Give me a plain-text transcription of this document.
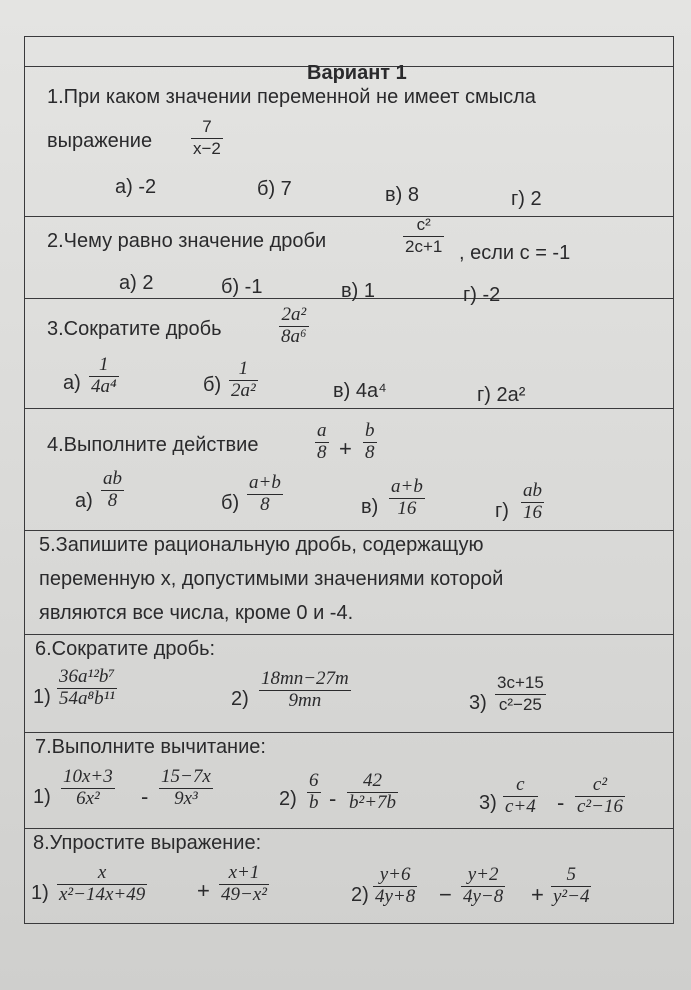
Вариант 1
1.При каком значении переменной не имеет смысла
выражение
7
x−2
а) -2	б) 7	в) 8	г) 2
2.Чему равно значение дроби
c²
2c+1 , если с = -1
а) 2	б) -1	в) 1	г) -2
3.Сократите дробь
2a²
8a⁶
а)
1
4a⁴	б)
1
2a²	в) 4a⁴	г) 2a²
4.Выполните действие
a
8 +
b
8
а)
ab
8	б)
a+b
8	в)
a+b
16	г)
ab
16
5.Запишите рациональную дробь, содержащую
переменную х, допустимыми значениями которой
являются все числа, кроме 0 и -4.
6.Сократите дробь:
1)
36a¹²b⁷
54a⁸b¹¹	2)
18mn−27m
9mn	3)
3c+15
c²−25
7.Выполните вычитание:
1)
10x+3
6x² -
15−7x
9x³	2)
6
b -
42
b²+7b	3)
c
c+4 -
c²
c²−16
8.Упростите выражение:
1)
x
x²−14x+49 +
x+1
49−x²	2)
y+6
4y+8 −
y+2
4y−8 +
5
y²−4
